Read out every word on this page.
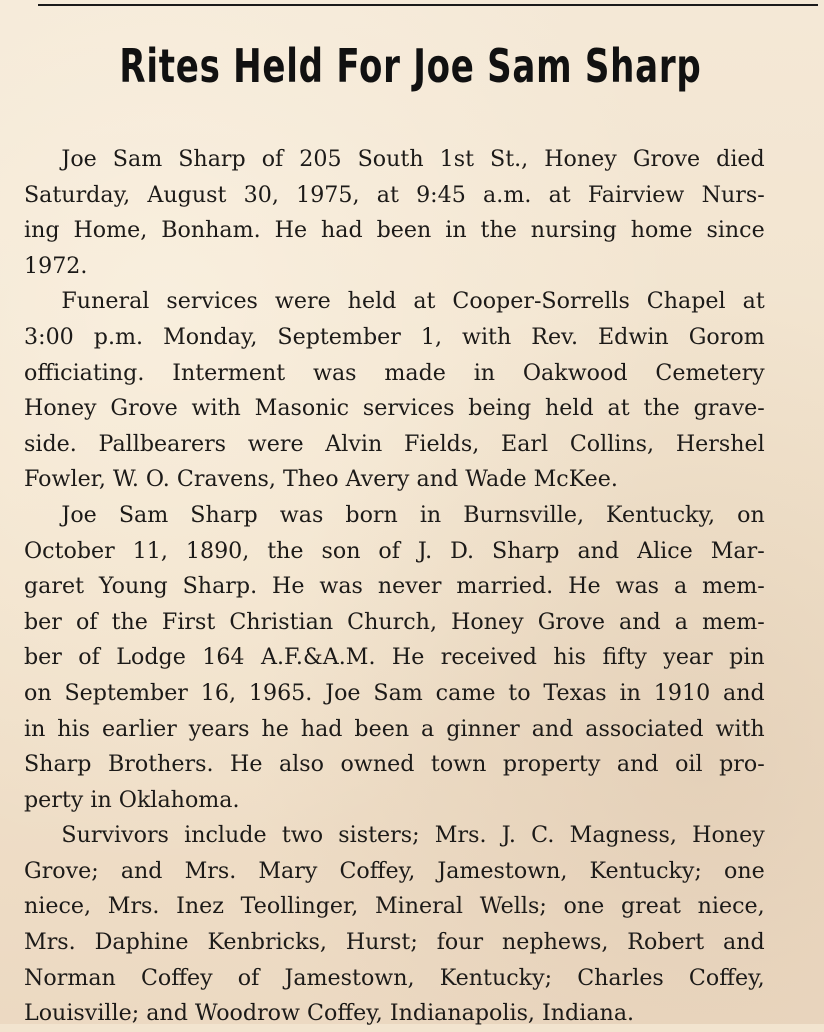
Rites Held For Joe Sam Sharp

Joe Sam Sharp of 205 South 1st St., Honey Grove died
Saturday, August 30, 1975, at 9:45 a.m. at Fairview Nurs-
ing Home, Bonham. He had been in the nursing home since
1972.

Funeral services were held at Cooper-Sorrells Chapel at
3:00 p.m. Monday, September 1, with Rev. Edwin Gorom
officiating. Interment was made in Oakwood Cemetery
Honey Grove with Masonic services being held at the grave-
side. Pallbearers were Alvin Fields, Earl Collins, Hershel
Fowler, W. O. Cravens, Theo Avery and Wade McKee.

Joe Sam Sharp was born in Burnsville, Kentucky, on
October 11, 1890, the son of J. D. Sharp and Alice Mar-
garet Young Sharp. He was never married. He was a mem-
ber of the First Christian Church, Honey Grove and a mem-
ber of Lodge 164 A.F.&A.M. He received his fifty year pin
on September 16, 1965. Joe Sam came to Texas in 1910 and
in his earlier years he had been a ginner and associated with
Sharp Brothers. He also owned town property and oil pro-
perty in Oklahoma.

Survivors include two sisters; Mrs. J. C. Magness, Honey
Grove; and Mrs. Mary Coffey, Jamestown, Kentucky; one
niece, Mrs. Inez Teollinger, Mineral Wells; one great niece,
Mrs. Daphine Kenbricks, Hurst; four nephews, Robert and
Norman Coffey of Jamestown, Kentucky; Charles Coffey,
Louisville; and Woodrow Coffey, Indianapolis, Indiana.
